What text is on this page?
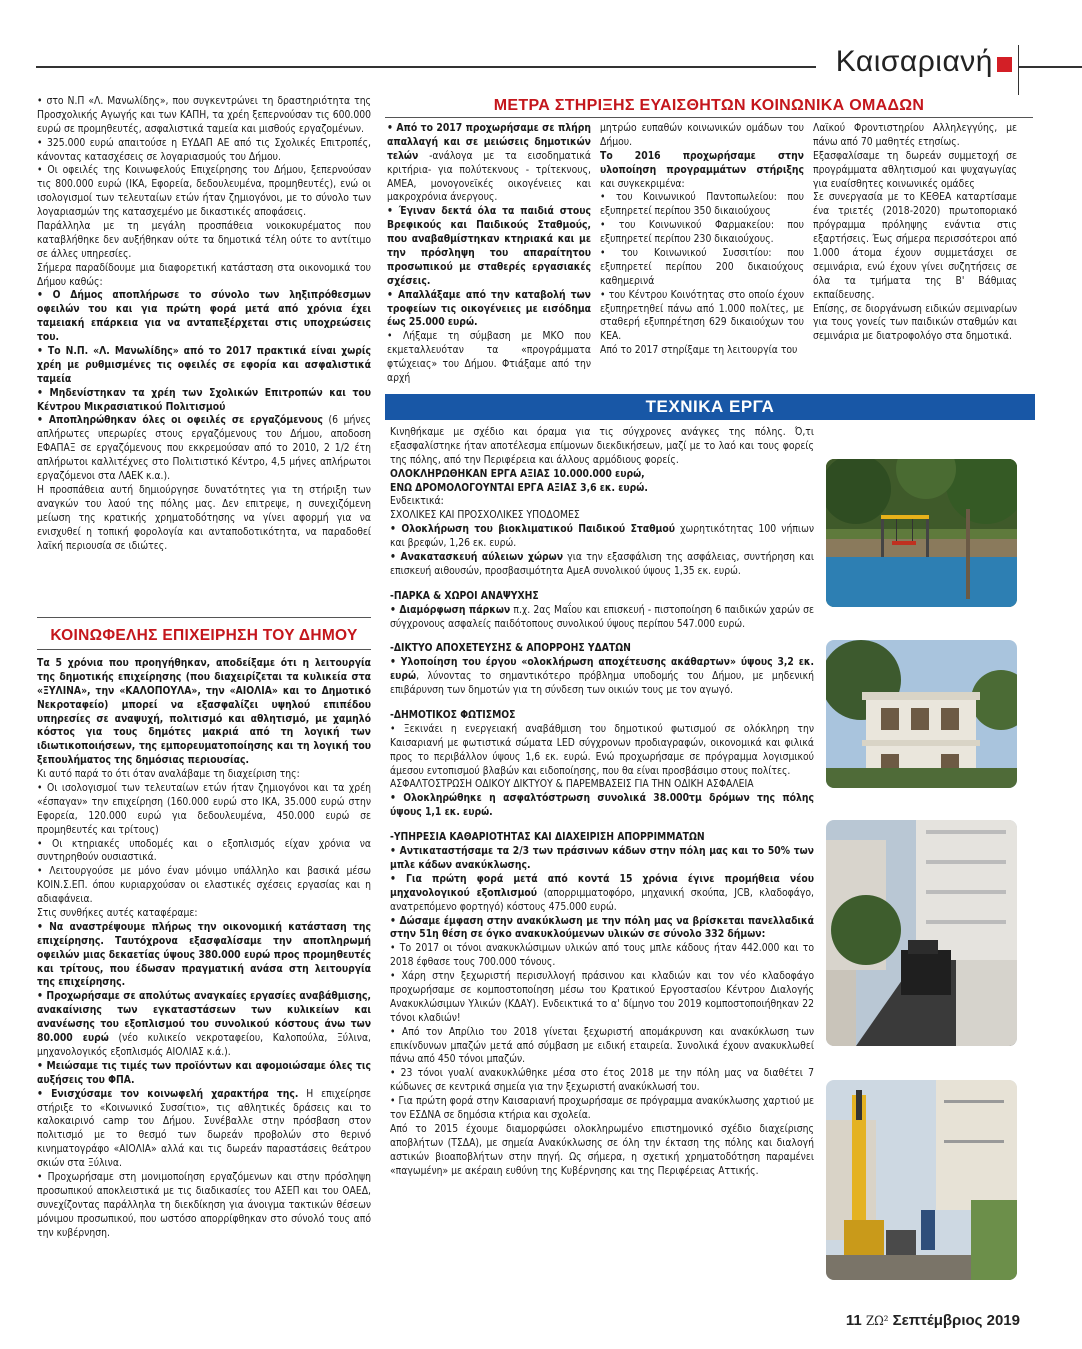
Καισαριανή

• στο Ν.Π «Λ. Μανωλίδης», που συγκεντρώνει τη δραστηριότητα της Προσχολικής Αγωγής και των ΚΑΠΗ, τα χρέη ξεπερνούσαν τις 600.000 ευρώ σε προμηθευτές, ασφαλιστικά ταμεία και μισθούς εργαζομένων.

• 325.000 ευρώ απαιτούσε η ΕΥΔΑΠ ΑΕ από τις Σχολικές Επιτροπές, κάνοντας κατασχέσεις σε λογαριασμούς του Δήμου.

• Οι οφειλές της Κοινωφελούς Επιχείρησης του Δήμου, ξεπερνούσαν τις 800.000 ευρώ (ΙΚΑ, Εφορεία, δεδουλευμένα, προμηθευτές), ενώ οι ισολογισμοί των τελευταίων ετών ήταν ζημιογόνοι, με το σύνολο των λογαριασμών της κατασχεμένο με δικαστικές αποφάσεις.

Παράλληλα με τη μεγάλη προσπάθεια νοικοκυρέματος που καταβλήθηκε δεν αυξήθηκαν ούτε τα δημοτικά τέλη ούτε το αντίτιμο σε άλλες υπηρεσίες.

Σήμερα παραδίδουμε μια διαφορετική κατάσταση στα οικονομικά του Δήμου καθώς:

• Ο Δήμος αποπλήρωσε το σύνολο των ληξιπρόθεσμων οφειλών του και για πρώτη φορά μετά από χρόνια έχει ταμειακή επάρκεια για να ανταπεξέρχεται στις υποχρεώσεις του.

• Το Ν.Π. «Λ. Μανωλίδης» από το 2017 πρακτικά είναι χωρίς χρέη με ρυθμισμένες τις οφειλές σε εφορία και ασφαλιστικά ταμεία

• Μηδενίστηκαν τα χρέη των Σχολικών Επιτροπών και του Κέντρου Μικρασιατικού Πολιτισμού

• Αποπληρώθηκαν όλες οι οφειλές σε εργαζόμενους (6 μήνες απλήρωτες υπερωρίες στους εργαζόμενους του Δήμου, αποδοση ΕΦΑΠΑΞ σε εργαζόμενους που εκκρεμούσαν από το 2010, 2 1/2 έτη απλήρωτοι καλλιτέχνες στο Πολιτιστικό Κέντρο, 4,5 μήνες απλήρωτοι εργαζόμενοι στα ΛΑΕΚ κ.α.).

Η προσπάθεια αυτή δημιούργησε δυνατότητες για τη στήριξη των αναγκών του λαού της πόλης μας. Δεν επιτρεψε, η συνεχιζόμενη μείωση της κρατικής χρηματοδότησης να γίνει αφορμή για να ενισχυθεί η τοπική φορολογία και ανταποδοτικότητα, να παραδοθεί λαϊκή περιουσία σε ιδιώτες.

ΚΟΙΝΩΦΕΛΗΣ ΕΠΙΧΕΙΡΗΣΗ ΤΟΥ ΔΗΜΟΥ

Τα 5 χρόνια που προηγήθηκαν, αποδείξαμε ότι η λειτουργία της δημοτικής επιχείρησης (που διαχειρίζεται τα κυλικεία στα «ΞΥΛΙΝΑ», την «ΚΑΛΟΠΟΥΛΑ», την «ΑΙΟΛΙΑ» και το Δημοτικό Νεκροταφείο) μπορεί να εξασφαλίζει υψηλού επιπέδου υπηρεσίες σε αναψυχή, πολιτισμό και αθλητισμό, με χαμηλό κόστος για τους δημότες μακριά από τη λογική των ιδιωτικοποιήσεων, της εμπορευματοποίησης και τη λογική του ξεπουλήματος της δημόσιας περιουσίας.

Κι αυτό παρά το ότι όταν αναλάβαμε τη διαχείριση της:

• Οι ισολογισμοί των τελευταίων ετών ήταν ζημιογόνοι και τα χρέη «έσπαγαν» την επιχείρηση (160.000 ευρώ στο ΙΚΑ, 35.000 ευρώ στην Εφορεία, 120.000 ευρώ για δεδουλευμένα, 450.000 ευρώ σε προμηθευτές και τρίτους)

• Οι κτηριακές υποδομές και ο εξοπλισμός είχαν χρόνια να συντηρηθούν ουσιαστικά.

• Λειτουργούσε με μόνο έναν μόνιμο υπάλληλο και βασικά μέσω ΚΟΙΝ.Σ.ΕΠ. όπου κυριαρχούσαν οι ελαστικές σχέσεις εργασίας και η αδιαφάνεια.

Στις συνθήκες αυτές καταφέραμε:

• Να αναστρέψουμε πλήρως την οικονομική κατάσταση της επιχείρησης. Ταυτόχρονα εξασφαλίσαμε την αποπληρωμή οφειλών μιας δεκαετίας ύψους 380.000 ευρώ προς προμηθευτές και τρίτους, που έδωσαν πραγματική ανάσα στη λειτουργία της επιχείρησης.

• Προχωρήσαμε σε απολύτως αναγκαίες εργασίες αναβάθμισης, ανακαίνισης των εγκαταστάσεων των κυλικείων και ανανέωσης του εξοπλισμού του συνολικού κόστους άνω των 80.000 ευρώ (νέο κυλικείο νεκροταφείου, Καλοπούλα, Ξύλινα, μηχανολογικός εξοπλισμός ΑΙΟΛΙΑΣ κ.ά.).

• Μειώσαμε τις τιμές των προϊόντων και αφομοιώσαμε όλες τις αυξήσεις του ΦΠΑ.

• Ενισχύσαμε τον κοινωφελή χαρακτήρα της. Η επιχείρησε στήριξε το «Κοινωνικό Συσσίτιο», τις αθλητικές δράσεις και το καλοκαιρινό camp του Δήμου. Συνέβαλλε στην πρόσβαση στον πολιτισμό με το θεσμό των δωρεάν προβολών στο θερινό κινηματογράφο «ΑΙΟΛΙΑ» αλλά και τις δωρεάν παραστάσεις θεάτρου σκιών στα Ξύλινα.

• Προχωρήσαμε στη μονιμοποίηση εργαζόμενων και στην πρόσληψη προσωπικού αποκλειστικά με τις διαδικασίες του ΑΣΕΠ και του ΟΑΕΔ, συνεχίζοντας παράλληλα τη διεκδίκηση για άνοιγμα τακτικών θέσεων μόνιμου προσωπικού, που ωστόσο απορρίφθηκαν στο σύνολό τους από την κυβέρνηση.

ΜΕΤΡΑ ΣΤΗΡΙΞΗΣ ΕΥΑΙΣΘΗΤΩΝ ΚΟΙΝΩΝΙΚΑ ΟΜΑΔΩΝ

• Από το 2017 προχωρήσαμε σε πλήρη απαλλαγή και σε μειώσεις δημοτικών τελών -ανάλογα με τα εισοδηματικά κριτήρια- για πολύτεκνους - τρίτεκνους, ΑΜΕΑ, μονογονεϊκές οικογένειες και μακροχρόνια άνεργους.

• Έγιναν δεκτά όλα τα παιδιά στους Βρεφικούς και Παιδικούς Σταθμούς, που αναβαθμίστηκαν κτηριακά και με την πρόσληψη του απαραίτητου προσωπικού με σταθερές εργασιακές σχέσεις.

• Απαλλάξαμε από την καταβολή των τροφείων τις οικογένειες με εισόδημα έως 25.000 ευρώ.

• Λήξαμε τη σύμβαση με ΜΚΟ που εκμεταλλευόταν τα «προγράμματα φτώχειας» του Δήμου. Φτιάξαμε από την αρχή

μητρώο ευπαθών κοινωνικών ομάδων του Δήμου.

Το 2016 προχωρήσαμε στην υλοποίηση προγραμμάτων στήριξης και συγκεκριμένα:

• του Κοινωνικού Παντοπωλείου: που εξυπηρετεί περίπου 350 δικαιούχους

• του Κοινωνικού Φαρμακείου: που εξυπηρετεί περίπου 230 δικαιούχους.

• του Κοινωνικού Συσσιτίου: που εξυπηρετεί περίπου 200 δικαιούχους καθημερινά

• του Κέντρου Κοινότητας στο οποίο έχουν εξυπηρετηθεί πάνω από 1.000 πολίτες, με σταθερή εξυπηρέτηση 629 δικαιούχων του ΚΕΑ.

Από το 2017 στηρίξαμε τη λειτουργία του

Λαϊκού Φροντιστηρίου Αλληλεγγύης, με πάνω από 70 μαθητές ετησίως.

Εξασφαλίσαμε τη δωρεάν συμμετοχή σε προγράμματα αθλητισμού και ψυχαγωγίας για ευαίσθητες κοινωνικές ομάδες

Σε συνεργασία με το ΚΕΘΕΑ καταρτίσαμε ένα τριετές (2018-2020) πρωτοποριακό πρόγραμμα πρόληψης ενάντια στις εξαρτήσεις. Έως σήμερα περισσότεροι από 1.000 άτομα έχουν συμμετάσχει σε σεμινάρια, ενώ έχουν γίνει συζητήσεις σε όλα τα τμήματα της Β' Βάθμιας εκπαίδευσης.

Επίσης, σε διοργάνωση ειδικών σεμιναρίων για τους γονείς των παιδικών σταθμών και σεμινάρια με διατροφολόγο στα δημοτικά.

ΤΕΧΝΙΚΑ ΕΡΓΑ

Κινηθήκαμε με σχέδιο και όραμα για τις σύγχρονες ανάγκες της πόλης. Ό,τι εξασφαλίστηκε ήταν αποτέλεσμα επίμονων διεκδικήσεων, μαζί με το λαό και τους φορείς της πόλης, από την Περιφέρεια και άλλους αρμόδιους φορείς.

ΟΛΟΚΛΗΡΩΘΗΚΑΝ ΕΡΓΑ ΑΞΙΑΣ 10.000.000 ευρώ,

ΕΝΩ ΔΡΟΜΟΛΟΓΟΥΝΤΑΙ ΕΡΓΑ ΑΞΙΑΣ 3,6 εκ. ευρώ.

Ενδεικτικά:

ΣΧΟΛΙΚΕΣ ΚΑΙ ΠΡΟΣΧΟΛΙΚΕΣ ΥΠΟΔΟΜΕΣ

• Ολοκλήρωση του βιοκλιματικού Παιδικού Σταθμού χωρητικότητας 100 νήπιων και βρεφών, 1,26 εκ. ευρώ.

• Ανακατασκευή αύλειων χώρων για την εξασφάλιση της ασφάλειας, συντήρηση και επισκευή αιθουσών, προσβασιμότητα ΑμεΑ συνολικού ύψους 1,35 εκ. ευρώ.

-ΠΑΡΚΑ & ΧΩΡΟΙ ΑΝΑΨΥΧΗΣ

• Διαμόρφωση πάρκων π.χ. 2ας Μαΐου και επισκευή - πιστοποίηση 6 παιδικών χαρών σε σύγχρονους ασφαλείς παιδότοπους συνολικού ύψους περίπου 547.000 ευρώ.

-ΔΙΚΤΥΟ ΑΠΟΧΕΤΕΥΣΗΣ & ΑΠΟΡΡΟΗΣ ΥΔΑΤΩΝ

• Υλοποίηση του έργου «ολοκλήρωση αποχέτευσης ακάθαρτων» ύψους 3,2 εκ. ευρώ, λύνοντας το σημαντικότερο πρόβλημα υποδομής του Δήμου, με μηδενική επιβάρυνση των δημοτών για τη σύνδεση των οικιών τους με τον αγωγό.

-ΔΗΜΟΤΙΚΟΣ ΦΩΤΙΣΜΟΣ

• Ξεκινάει η ενεργειακή αναβάθμιση του δημοτικού φωτισμού σε ολόκληρη την Καισαριανή με φωτιστικά σώματα LED σύγχρονων προδιαγραφών, οικονομικά και φιλικά προς το περιβάλλον ύψους 1,6 εκ. ευρώ. Ενώ προχωρήσαμε σε πρόγραμμα λογισμικού άμεσου εντοπισμού βλαβών και ειδοποίησης, που θα είναι προσβάσιμο στους πολίτες.

ΑΣΦΑΛΤΟΣΤΡΩΣΗ ΟΔΙΚΟΥ ΔΙΚΤΥΟΥ & ΠΑΡΕΜΒΑΣΕΙΣ ΓΙΑ ΤΗΝ ΟΔΙΚΗ ΑΣΦΑΛΕΙΑ

• Ολοκληρώθηκε η ασφαλτόστρωση συνολικά 38.000τμ δρόμων της πόλης ύψους 1,1 εκ. ευρώ.

-ΥΠΗΡΕΣΙΑ ΚΑΘΑΡΙΟΤΗΤΑΣ ΚΑΙ ΔΙΑΧΕΙΡΙΣΗ ΑΠΟΡΡΙΜΜΑΤΩΝ

• Αντικαταστήσαμε τα 2/3 των πράσινων κάδων στην πόλη μας και το 50% των μπλε κάδων ανακύκλωσης.

• Για πρώτη φορά μετά από κοντά 15 χρόνια έγινε προμήθεια νέου μηχανολογικού εξοπλισμού (απορριμματοφόρο, μηχανική σκούπα, JCB, κλαδοφάγο, ανατρεπόμενο φορτηγό) κόστους 475.000 ευρώ.

• Δώσαμε έμφαση στην ανακύκλωση με την πόλη μας να βρίσκεται πανελλαδικά στην 51η θέση σε όγκο ανακυκλούμενων υλικών σε σύνολο 332 δήμων:

• Το 2017 οι τόνοι ανακυκλώσιμων υλικών από τους μπλε κάδους ήταν 442.000 και το 2018 έφθασε τους 700.000 τόνους.

• Χάρη στην ξεχωριστή περισυλλογή πράσινου και κλαδιών και τον νέο κλαδοφάγο προχωρήσαμε σε κομποστοποίηση μέσω του Κρατικού Εργοστασίου Κέντρου Διαλογής Ανακυκλώσιμων Υλικών (ΚΔΑΥ). Ενδεικτικά το α' δίμηνο του 2019 κομποστοποιήθηκαν 22 τόνοι κλαδιών!

• Από τον Απρίλιο του 2018 γίνεται ξεχωριστή απομάκρυνση και ανακύκλωση των επικίνδυνων μπαζών μετά από σύμβαση με ειδική εταιρεία. Συνολικά έχουν ανακυκλωθεί πάνω από 450 τόνοι μπαζών.

• 23 τόνοι γυαλί ανακυκλώθηκε μέσα στο έτος 2018 με την πόλη μας να διαθέτει 7 κώδωνες σε κεντρικά σημεία για την ξεχωριστή ανακύκλωσή του.

• Για πρώτη φορά στην Καισαριανή προχωρήσαμε σε πρόγραμμα ανακύκλωσης χαρτιού με τον ΕΣΔΝΑ σε δημόσια κτήρια και σχολεία.

Από το 2015 έχουμε διαμορφώσει ολοκληρωμένο επιστημονικό σχέδιο διαχείρισης αποβλήτων (ΤΣΔΑ), με σημεία Ανακύκλωσης σε όλη την έκταση της πόλης και διαλογή αστικών βιοαποβλήτων στην πηγή. Ως σήμερα, η σχετική χρηματοδότηση παραμένει «παγωμένη» με ακέραιη ευθύνη της Κυβέρνησης και της Περιφέρειας Αττικής.

11 ΖΩ² Σεπτέμβριος 2019
